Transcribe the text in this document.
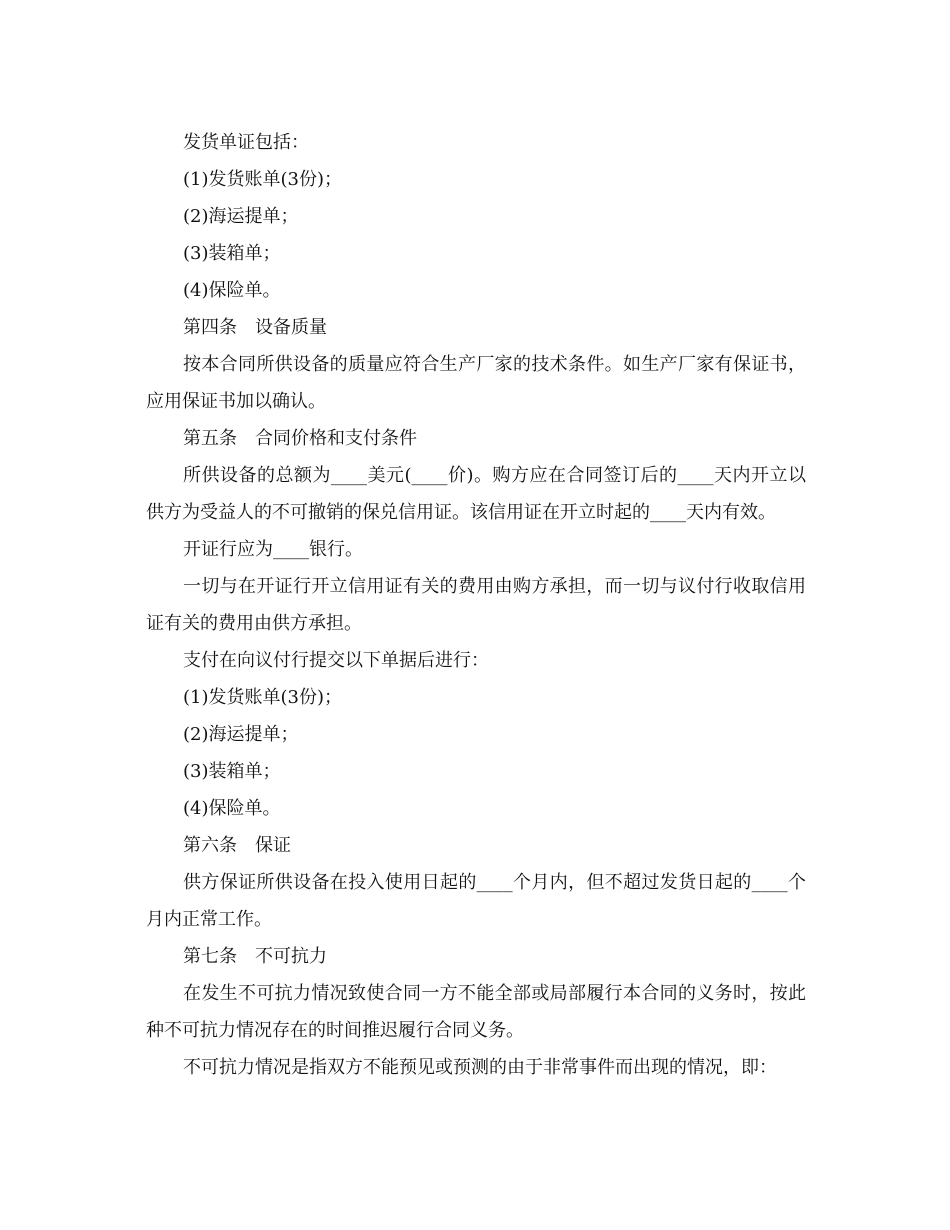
发货单证包括：

(1)发货账单(3份)；

(2)海运提单；

(3)装箱单；

(4)保险单。

第四条　设备质量

按本合同所供设备的质量应符合生产厂家的技术条件。如生产厂家有保证书，应用保证书加以确认。

第五条　合同价格和支付条件

所供设备的总额为____美元(____价)。购方应在合同签订后的____天内开立以供方为受益人的不可撤销的保兑信用证。该信用证在开立时起的____天内有效。

开证行应为____银行。

一切与在开证行开立信用证有关的费用由购方承担，而一切与议付行收取信用证有关的费用由供方承担。

支付在向议付行提交以下单据后进行：

(1)发货账单(3份)；

(2)海运提单；

(3)装箱单；

(4)保险单。

第六条　保证

供方保证所供设备在投入使用日起的____个月内，但不超过发货日起的____个月内正常工作。

第七条　不可抗力

在发生不可抗力情况致使合同一方不能全部或局部履行本合同的义务时，按此种不可抗力情况存在的时间推迟履行合同义务。

不可抗力情况是指双方不能预见或预测的由于非常事件而出现的情况，即：
